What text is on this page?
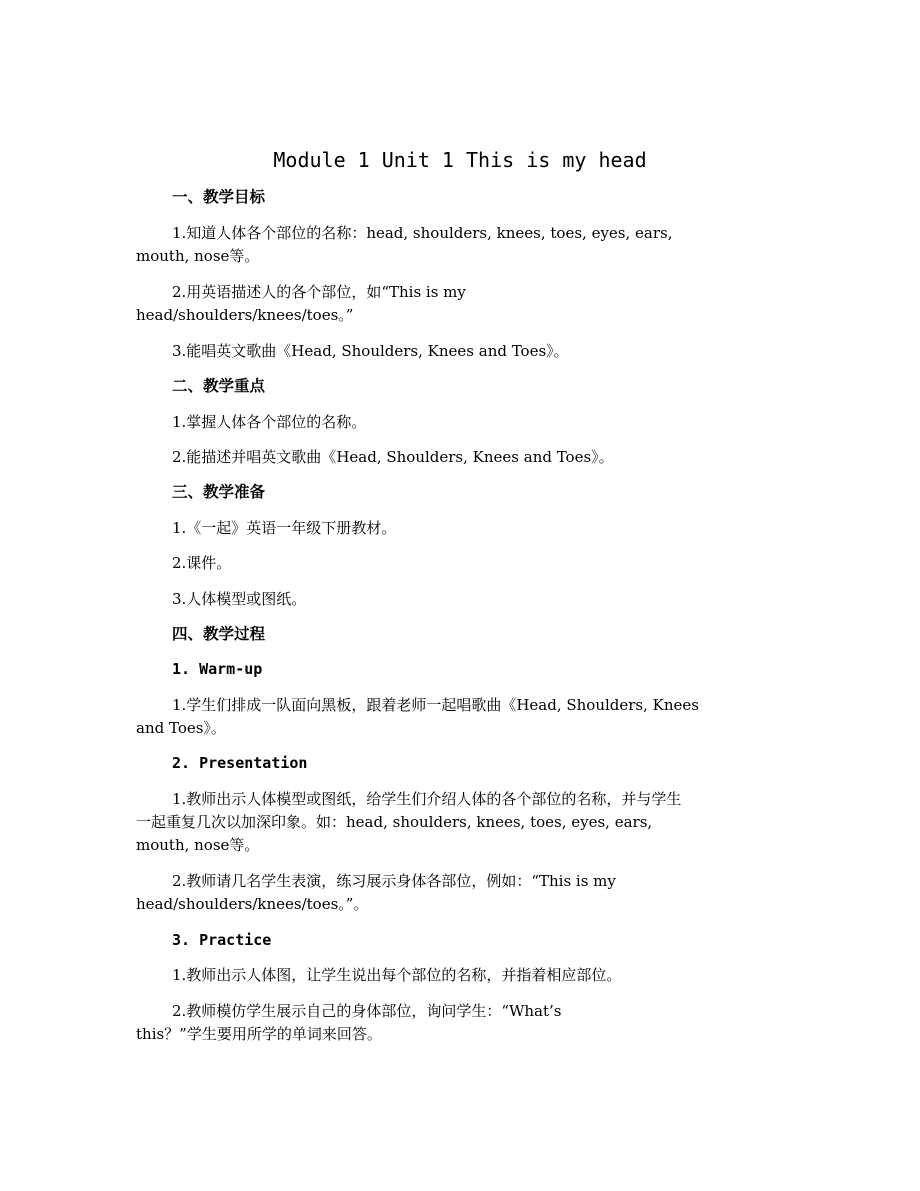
Module 1 Unit 1 This is my head
一、教学目标
1.知道人体各个部位的名称：head, shoulders, knees, toes, eyes, ears,
mouth, nose等。
2.用英语描述人的各个部位，如“This is my
head/shoulders/knees/toes。”
3.能唱英文歌曲《Head, Shoulders, Knees and Toes》。
二、教学重点
1.掌握人体各个部位的名称。
2.能描述并唱英文歌曲《Head, Shoulders, Knees and Toes》。
三、教学准备
1.《一起》英语一年级下册教材。
2.课件。
3.人体模型或图纸。
四、教学过程
1. Warm-up
1.学生们排成一队面向黑板，跟着老师一起唱歌曲《Head, Shoulders, Knees
and Toes》。
2. Presentation
1.教师出示人体模型或图纸，给学生们介绍人体的各个部位的名称，并与学生
一起重复几次以加深印象。如：head, shoulders, knees, toes, eyes, ears,
mouth, nose等。
2.教师请几名学生表演，练习展示身体各部位，例如：“This is my
head/shoulders/knees/toes。”。
3. Practice
1.教师出示人体图，让学生说出每个部位的名称，并指着相应部位。
2.教师模仿学生展示自己的身体部位，询问学生：“What’s
this？”学生要用所学的单词来回答。
